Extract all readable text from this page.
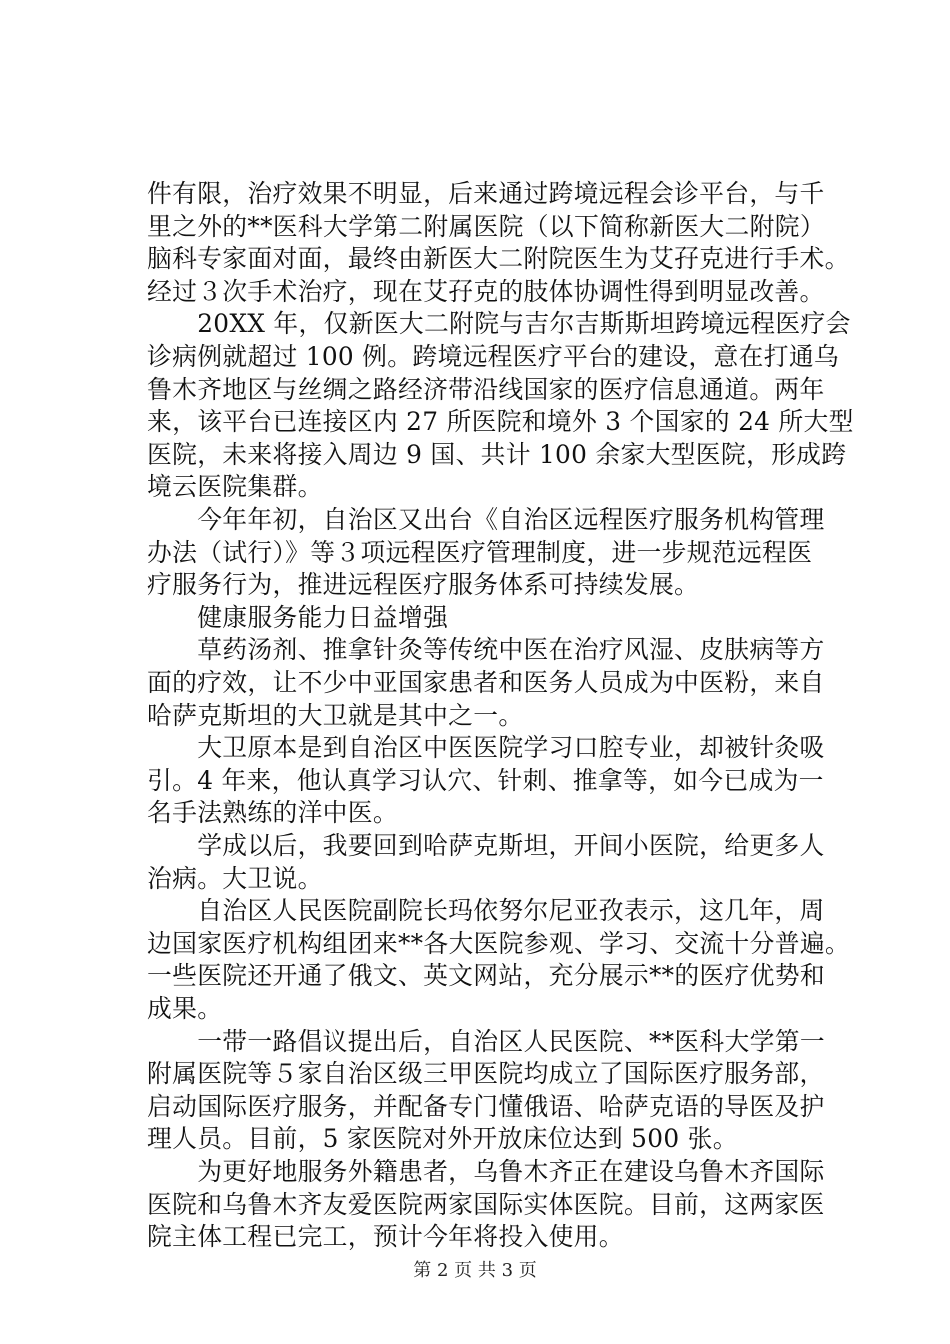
件有限，治疗效果不明显，后来通过跨境远程会诊平台，与千
里之外的**医科大学第二附属医院（以下简称新医大二附院）
脑科专家面对面，最终由新医大二附院医生为艾孖克进行手术。
经过３次手术治疗，现在艾孖克的肢体协调性得到明显改善。
　　20XX 年，仅新医大二附院与吉尔吉斯斯坦跨境远程医疗会
诊病例就超过 100 例。跨境远程医疗平台的建设，意在打通乌
鲁木齐地区与丝绸之路经济带沿线国家的医疗信息通道。两年
来，该平台已连接区内 27 所医院和境外 3 个国家的 24 所大型
医院，未来将接入周边 9 国、共计 100 余家大型医院，形成跨
境云医院集群。
　　今年年初，自治区又出台《自治区远程医疗服务机构管理
办法（试行）》等３项远程医疗管理制度，进一步规范远程医
疗服务行为，推进远程医疗服务体系可持续发展。
　　健康服务能力日益增强
　　草药汤剂、推拿针灸等传统中医在治疗风湿、皮肤病等方
面的疗效，让不少中亚国家患者和医务人员成为中医粉，来自
哈萨克斯坦的大卫就是其中之一。
　　大卫原本是到自治区中医医院学习口腔专业，却被针灸吸
引。4 年来，他认真学习认穴、针刺、推拿等，如今已成为一
名手法熟练的洋中医。
　　学成以后，我要回到哈萨克斯坦，开间小医院，给更多人
治病。大卫说。
　　自治区人民医院副院长玛依努尔尼亚孜表示，这几年，周
边国家医疗机构组团来**各大医院参观、学习、交流十分普遍。
一些医院还开通了俄文、英文网站，充分展示**的医疗优势和
成果。
　　一带一路倡议提出后，自治区人民医院、**医科大学第一
附属医院等５家自治区级三甲医院均成立了国际医疗服务部，
启动国际医疗服务，并配备专门懂俄语、哈萨克语的导医及护
理人员。目前，5 家医院对外开放床位达到 500 张。
　　为更好地服务外籍患者，乌鲁木齐正在建设乌鲁木齐国际
医院和乌鲁木齐友爱医院两家国际实体医院。目前，这两家医
院主体工程已完工，预计今年将投入使用。
第 2 页 共 3 页
